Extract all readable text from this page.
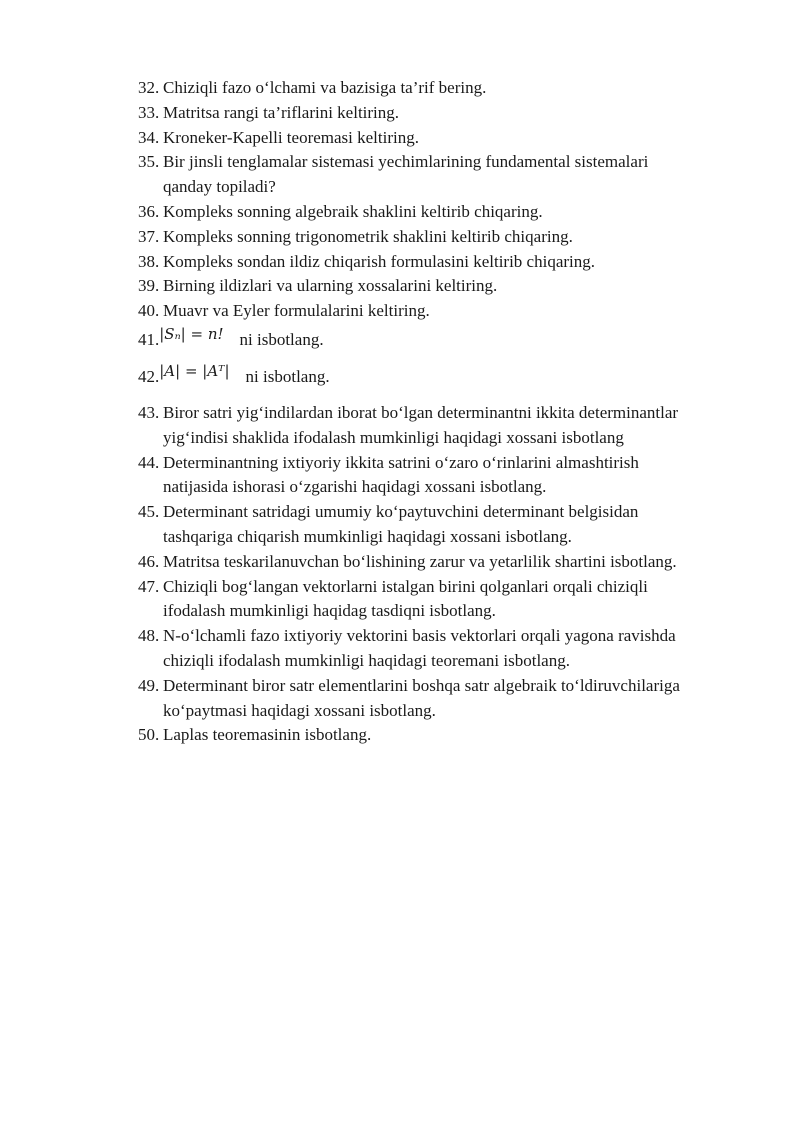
32. Chiziqli fazo o‘lchami va bazisiga ta’rif bering.
33. Matritsa rangi ta’riflarini keltiring.
34. Kroneker-Kapelli teoremasi keltiring.
35. Bir jinsli tenglamalar sistemasi yechimlarining fundamental sistemalari
qanday topiladi?
36. Kompleks sonning algebraik shaklini keltirib chiqaring.
37. Kompleks sonning trigonometrik shaklini keltirib chiqaring.
38. Kompleks sondan ildiz chiqarish formulasini keltirib chiqaring.
39. Birning ildizlari va ularning xossalarini keltiring.
40. Muavr va Eyler formulalarini keltiring.
41. |Sₙ| = n! ni isbotlang.
42. |A| = |Aᵀ| ni isbotlang.
43. Biror satri yig‘indilardan iborat bo‘lgan determinantni ikkita determinantlar
yig‘indisi shaklida ifodalash mumkinligi haqidagi xossani isbotlang
44. Determinantning ixtiyoriy ikkita satrini o‘zaro o‘rinlarini almashtirish
natijasida ishorasi o‘zgarishi haqidagi xossani isbotlang.
45. Determinant satridagi umumiy ko‘paytuvchini determinant belgisidan
tashqariga chiqarish mumkinligi haqidagi xossani isbotlang.
46. Matritsa teskarilanuvchan bo‘lishining zarur va yetarlilik shartini isbotlang.
47. Chiziqli bog‘langan vektorlarni istalgan birini qolganlari orqali chiziqli
ifodalash mumkinligi haqidag tasdiqni isbotlang.
48. N-o‘lchamli fazo ixtiyoriy vektorini basis vektorlari orqali yagona ravishda
chiziqli ifodalash mumkinligi haqidagi teoremani isbotlang.
49. Determinant biror satr elementlarini boshqa satr algebraik to‘ldiruvchilariga
ko‘paytmasi haqidagi xossani isbotlang.
50. Laplas teoremasinin isbotlang.
